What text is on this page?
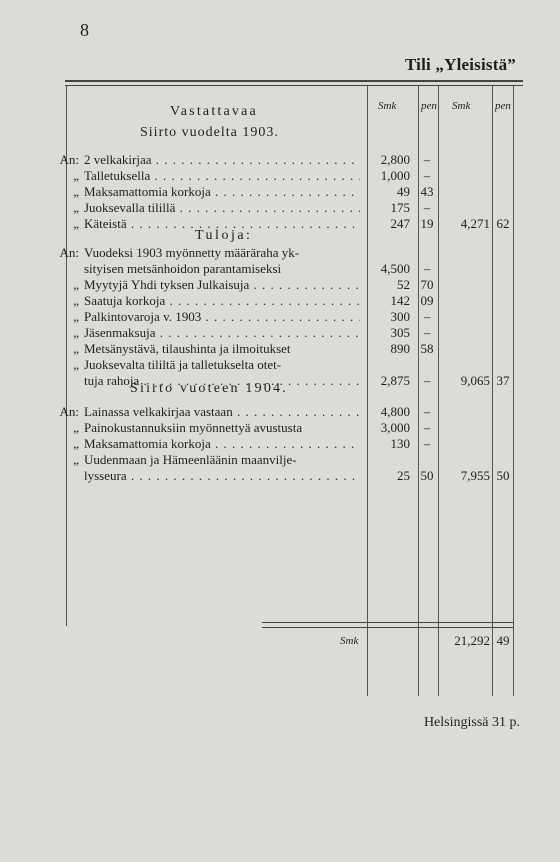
8
Tili „Yleisistä”
Smk pen Smk pen
Vastattavaa
Siirto vuodelta 1903.
Tuloja:
Siirto vuoteen 1904.
An: 2 velkakirjaa . . .	2,800 –
„ Talletuksella . . .	1,000 –
„ Maksamattomia korkoja . . .	49 43
„ Juoksevalla tilillä . . .	175 –
„ Käteistä . . .	247 19 4,271 62
An: Vuodeksi 1903 myönnetty määräraha yk-
sityisen metsänhoidon parantamiseksi	4,500 –
„ Myytyjä Yhdi tyksen Julkaisuja . . .	52 70
„ Saatuja korkoja . . .	142 09
„ Palkintovaroja v. 1903 . . .	300 –
„ Jäsenmaksuja . . .	305 –
„ Metsänystävä, tilaushinta ja ilmoitukset	890 58
„ Juoksevalta tililtä ja talletukselta otet-
tuja rahoja . . .	2,875 – 9,065 37
An: Lainassa velkakirjaa vastaan . . .	4,800 –
„ Painokustannuksiin myönnettyä avustusta	3,000 –
„ Maksamattomia korkoja . . .	130 –
„ Uudenmaan ja Hämeenläänin maanvilje-
lysseura . . .	25 50 7,955 50
Smk	21,292 49
Helsingissä 31 p.
